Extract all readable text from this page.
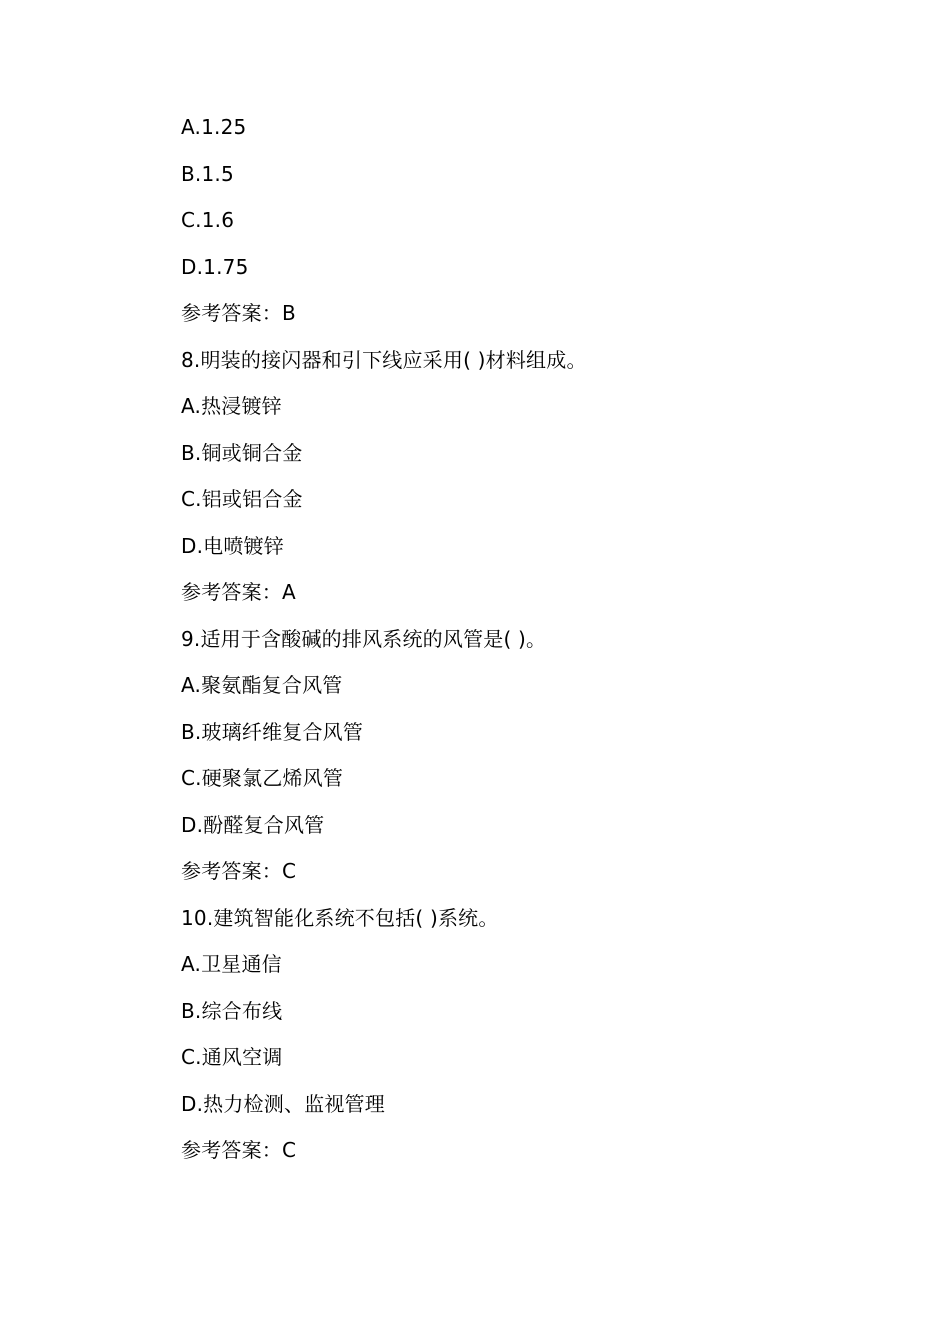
A.1.25
B.1.5
C.1.6
D.1.75
参考答案：B
8.明装的接闪器和引下线应采用( )材料组成。
A.热浸镀锌
B.铜或铜合金
C.铝或铝合金
D.电喷镀锌
参考答案：A
9.适用于含酸碱的排风系统的风管是( )。
A.聚氨酯复合风管
B.玻璃纤维复合风管
C.硬聚氯乙烯风管
D.酚醛复合风管
参考答案：C
10.建筑智能化系统不包括( )系统。
A.卫星通信
B.综合布线
C.通风空调
D.热力检测、监视管理
参考答案：C
